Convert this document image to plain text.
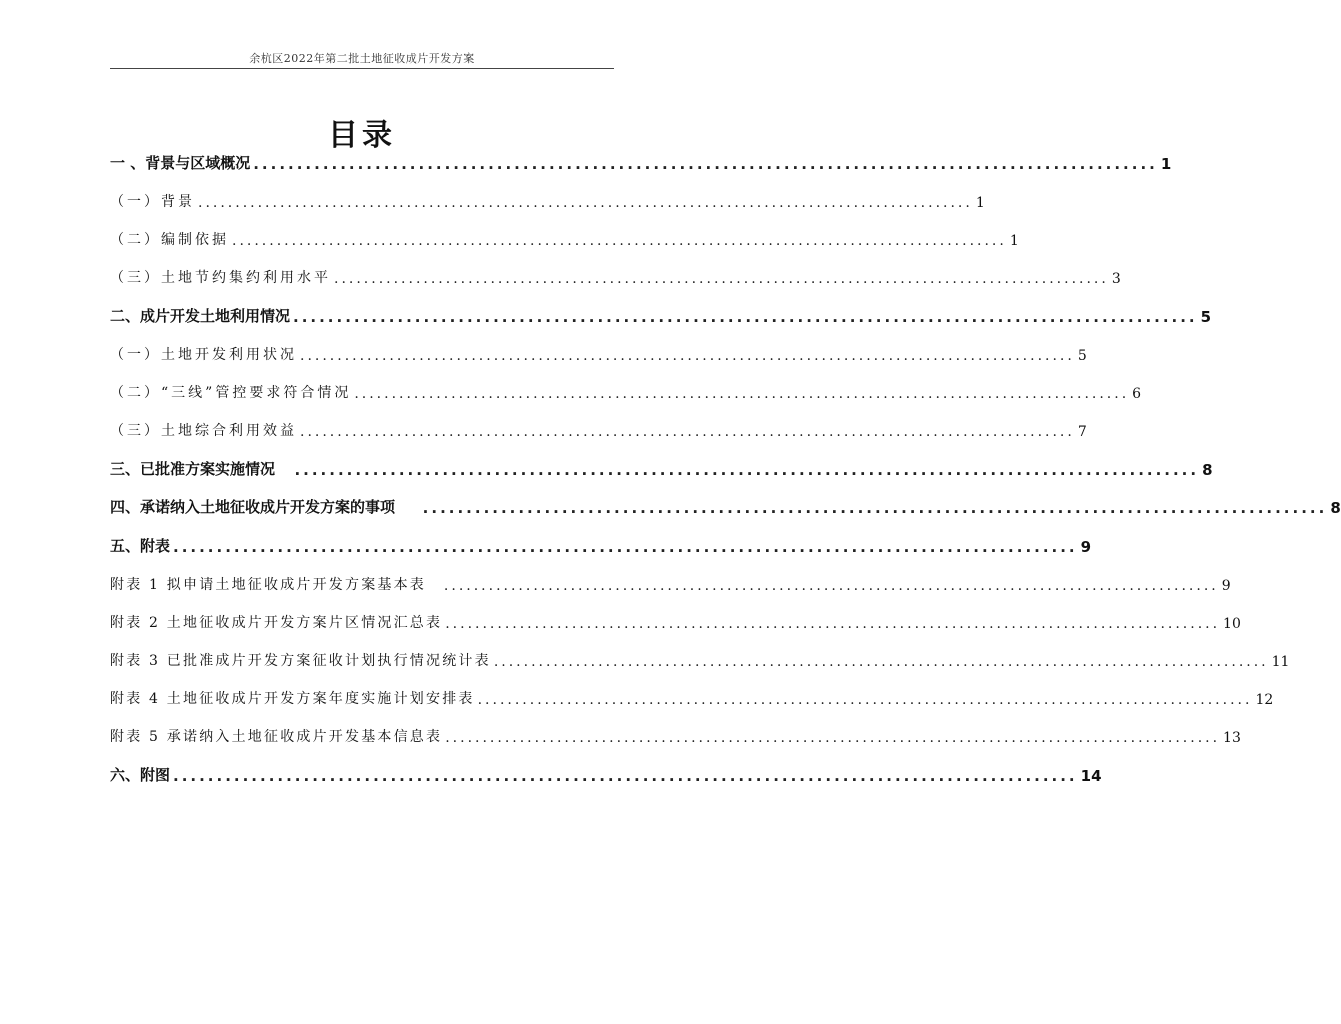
余杭区2022年第二批土地征收成片开发方案
目录
一 、背景与区域概况 ........................................................................................................ 1
（一）背景 ........................................................................................................ 1
（二）编制依据 ........................................................................................................ 1
（三）土地节约集约利用水平 ........................................................................................................ 3
二、成片开发土地利用情况 ........................................................................................................ 5
（一）土地开发利用状况 ........................................................................................................ 5
（二）“三线”管控要求符合情况 ........................................................................................................ 6
（三）土地综合利用效益 ........................................................................................................ 7
三、已批准方案实施情况 ........................................................................................................ 8
四、承诺纳入土地征收成片开发方案的事项 ........................................................................................................ 8
五、附表 ........................................................................................................ 9
附表 1 拟申请土地征收成片开发方案基本表 ........................................................................................................ 9
附表 2 土地征收成片开发方案片区情况汇总表 ........................................................................................................ 10
附表 3 已批准成片开发方案征收计划执行情况统计表 ........................................................................................................ 11
附表 4 土地征收成片开发方案年度实施计划安排表 ........................................................................................................ 12
附表 5 承诺纳入土地征收成片开发基本信息表 ........................................................................................................ 13
六、附图 ........................................................................................................ 14
